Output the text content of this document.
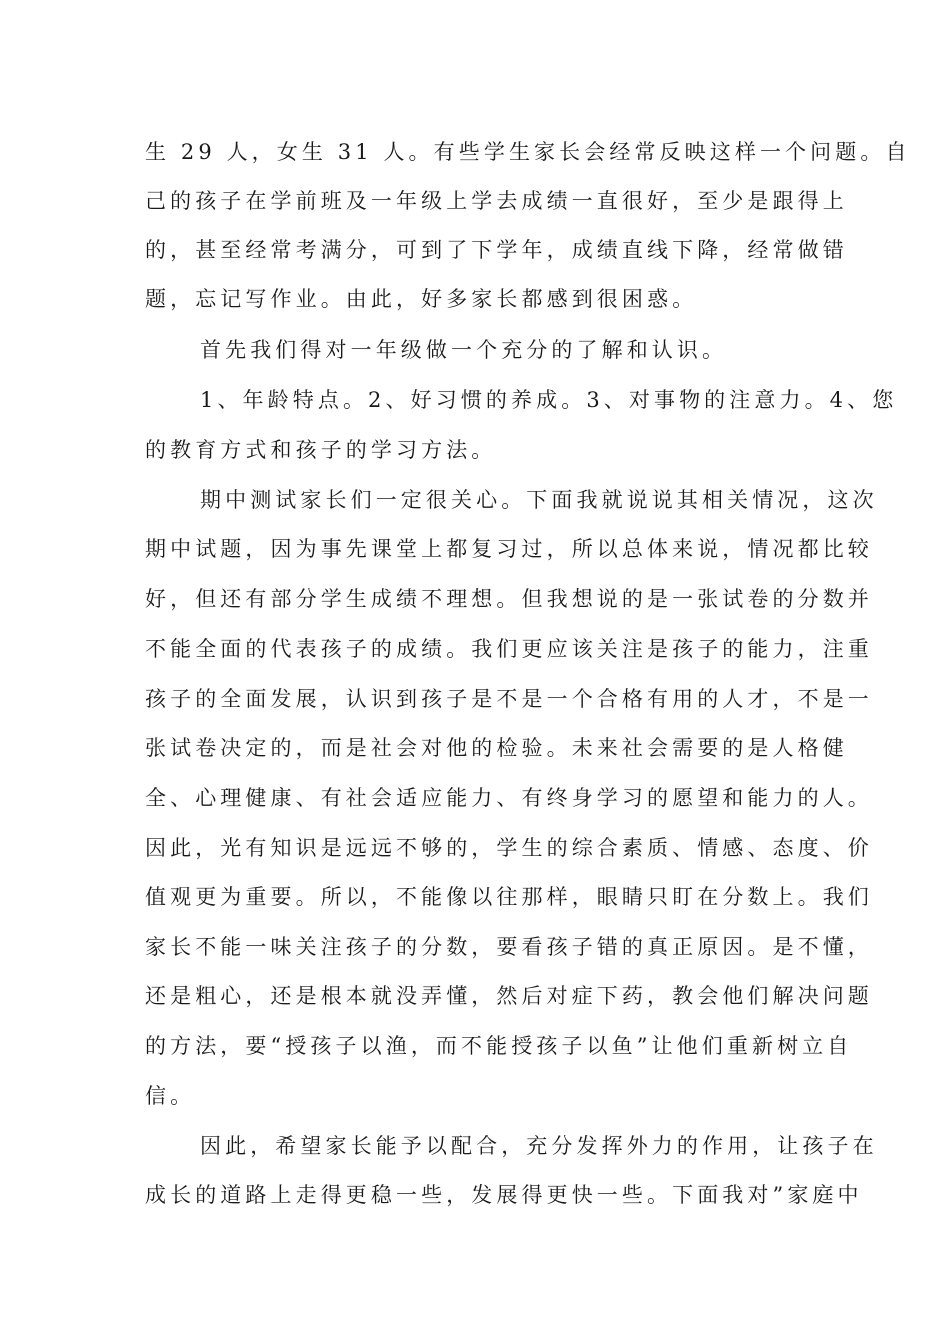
生 29 人，女生 31 人。有些学生家长会经常反映这样一个问题。自
己的孩子在学前班及一年级上学去成绩一直很好，至少是跟得上
的，甚至经常考满分，可到了下学年，成绩直线下降，经常做错
题，忘记写作业。由此，好多家长都感到很困惑。
首先我们得对一年级做一个充分的了解和认识。
1、年龄特点。2、好习惯的养成。3、对事物的注意力。4、您
的教育方式和孩子的学习方法。
期中测试家长们一定很关心。下面我就说说其相关情况，这次
期中试题，因为事先课堂上都复习过，所以总体来说，情况都比较
好，但还有部分学生成绩不理想。但我想说的是一张试卷的分数并
不能全面的代表孩子的成绩。我们更应该关注是孩子的能力，注重
孩子的全面发展，认识到孩子是不是一个合格有用的人才，不是一
张试卷决定的，而是社会对他的检验。未来社会需要的是人格健
全、心理健康、有社会适应能力、有终身学习的愿望和能力的人。
因此，光有知识是远远不够的，学生的综合素质、情感、态度、价
值观更为重要。所以，不能像以往那样，眼睛只盯在分数上。我们
家长不能一味关注孩子的分数，要看孩子错的真正原因。是不懂，
还是粗心，还是根本就没弄懂，然后对症下药，教会他们解决问题
的方法，要“授孩子以渔，而不能授孩子以鱼”让他们重新树立自
信。
因此，希望家长能予以配合，充分发挥外力的作用，让孩子在
成长的道路上走得更稳一些，发展得更快一些。下面我对”家庭中
